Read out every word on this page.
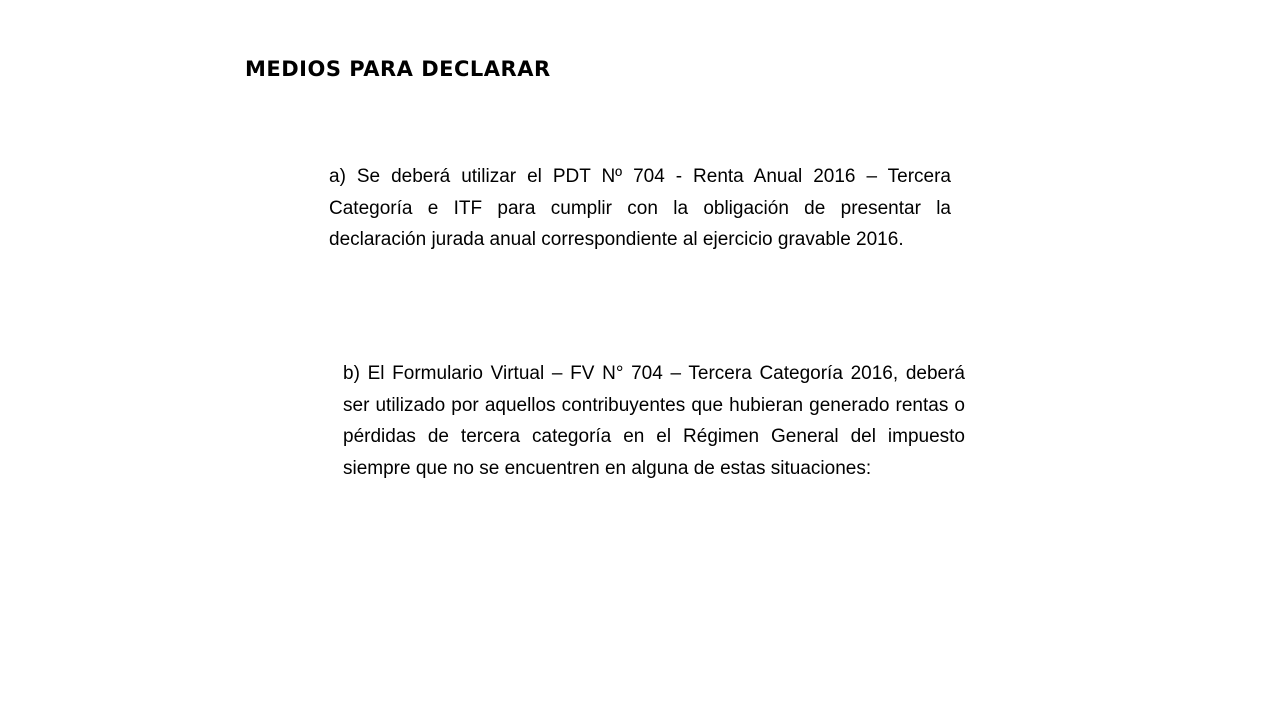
MEDIOS PARA DECLARAR

a) Se deberá utilizar el PDT Nº 704 - Renta Anual 2016 – Tercera Categoría e ITF para cumplir con la obligación de presentar la declaración jurada anual correspondiente al ejercicio gravable 2016.

b) El Formulario Virtual – FV N° 704 – Tercera Categoría 2016, deberá ser utilizado por aquellos contribuyentes que hubieran generado rentas o pérdidas de tercera categoría en el Régimen General del impuesto siempre que no se encuentren en alguna de estas situaciones:
